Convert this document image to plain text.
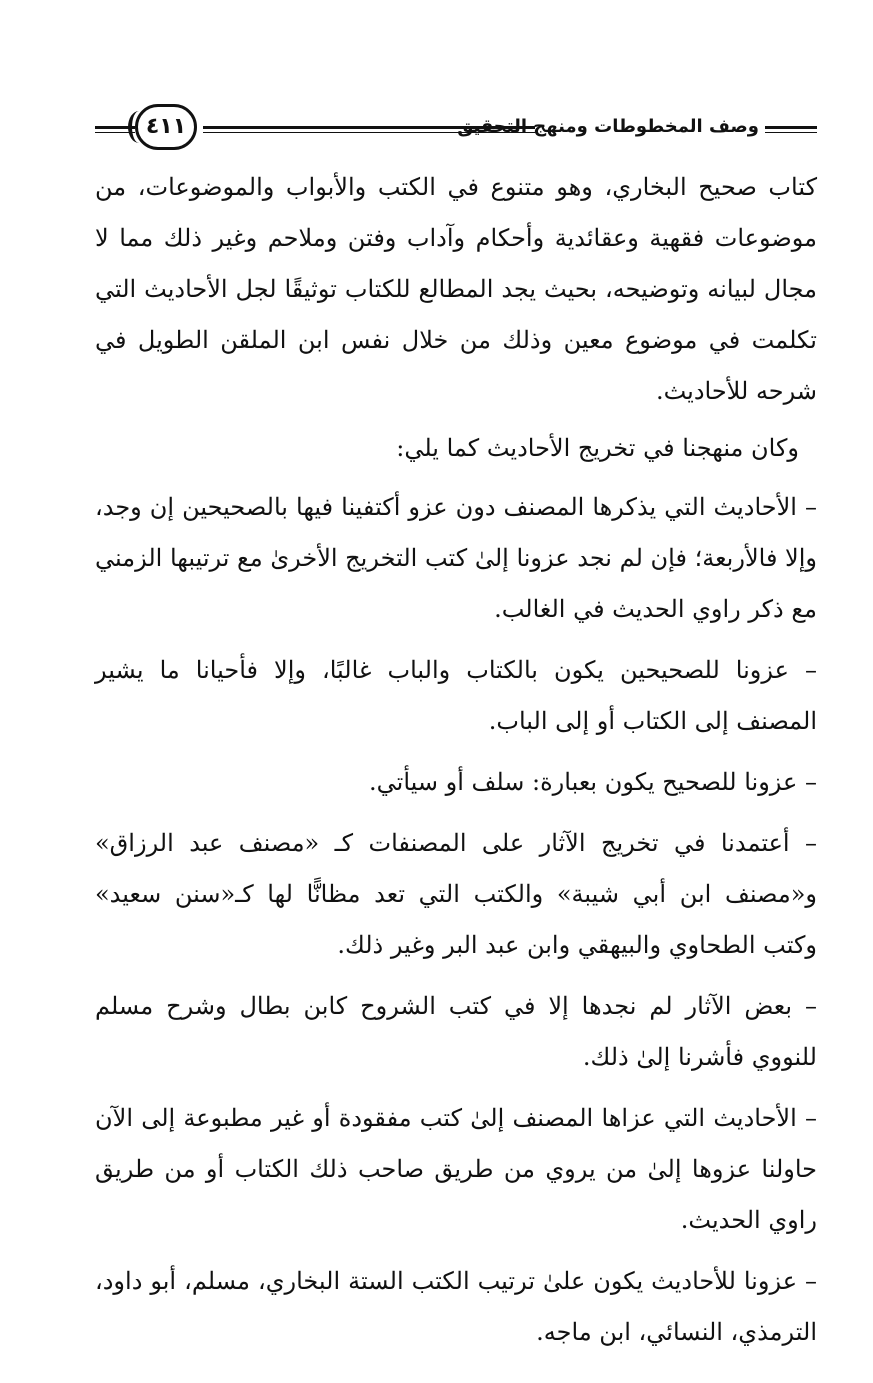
وصف المخطوطات ومنهج التحقيق
٤١١

كتاب صحيح البخاري، وهو متنوع في الكتب والأبواب والموضوعات، من موضوعات فقهية وعقائدية وأحكام وآداب وفتن وملاحم وغير ذلك مما لا مجال لبيانه وتوضيحه، بحيث يجد المطالع للكتاب توثيقًا لجل الأحاديث التي تكلمت في موضوع معين وذلك من خلال نفس ابن الملقن الطويل في شرحه للأحاديث.

وكان منهجنا في تخريج الأحاديث كما يلي:

– الأحاديث التي يذكرها المصنف دون عزو أكتفينا فيها بالصحيحين إن وجد، وإلا فالأربعة؛ فإن لم نجد عزونا إلىٰ كتب التخريج الأخرىٰ مع ترتيبها الزمني مع ذكر راوي الحديث في الغالب.

– عزونا للصحيحين يكون بالكتاب والباب غالبًا، وإلا فأحيانا ما يشير المصنف إلى الكتاب أو إلى الباب.

– عزونا للصحيح يكون بعبارة: سلف أو سيأتي.

– أعتمدنا في تخريج الآثار على المصنفات كـ «مصنف عبد الرزاق» و«مصنف ابن أبي شيبة» والكتب التي تعد مظانًّا لها كـ«سنن سعيد» وكتب الطحاوي والبيهقي وابن عبد البر وغير ذلك.

– بعض الآثار لم نجدها إلا في كتب الشروح كابن بطال وشرح مسلم للنووي فأشرنا إلىٰ ذلك.

– الأحاديث التي عزاها المصنف إلىٰ كتب مفقودة أو غير مطبوعة إلى الآن حاولنا عزوها إلىٰ من يروي من طريق صاحب ذلك الكتاب أو من طريق راوي الحديث.

– عزونا للأحاديث يكون علىٰ ترتيب الكتب الستة البخاري، مسلم، أبو داود، الترمذي، النسائي، ابن ماجه.
